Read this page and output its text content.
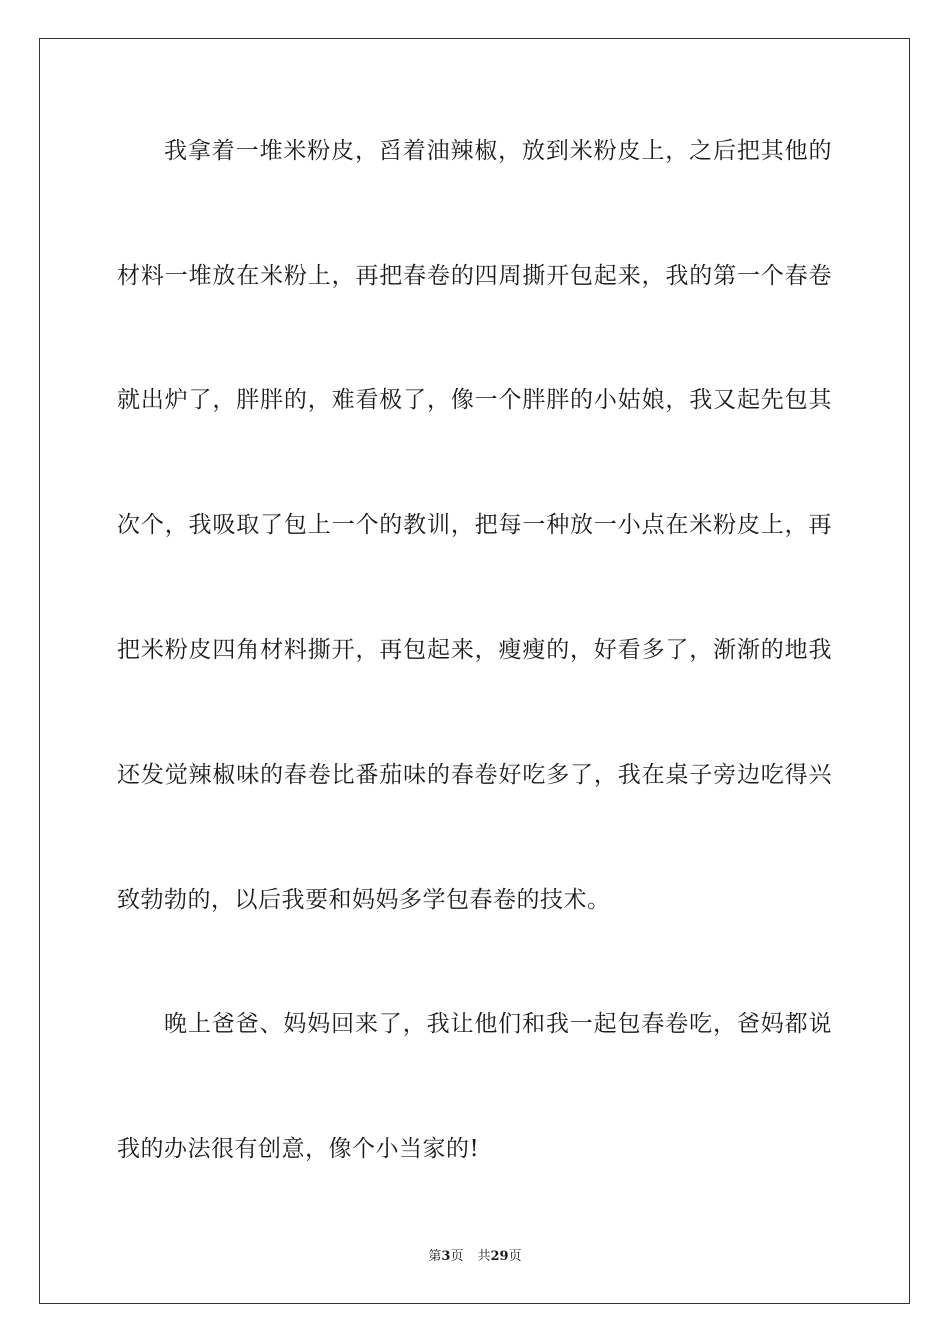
我拿着一堆米粉皮，舀着油辣椒，放到米粉皮上，之后把其他的
材料一堆放在米粉上，再把春卷的四周撕开包起来，我的第一个春卷
就出炉了，胖胖的，难看极了，像一个胖胖的小姑娘，我又起先包其
次个，我吸取了包上一个的教训，把每一种放一小点在米粉皮上，再
把米粉皮四角材料撕开，再包起来，瘦瘦的，好看多了，渐渐的地我
还发觉辣椒味的春卷比番茄味的春卷好吃多了，我在桌子旁边吃得兴
致勃勃的，以后我要和妈妈多学包春卷的技术。
晚上爸爸、妈妈回来了，我让他们和我一起包春卷吃，爸妈都说
我的办法很有创意，像个小当家的!
第3页 共29页
